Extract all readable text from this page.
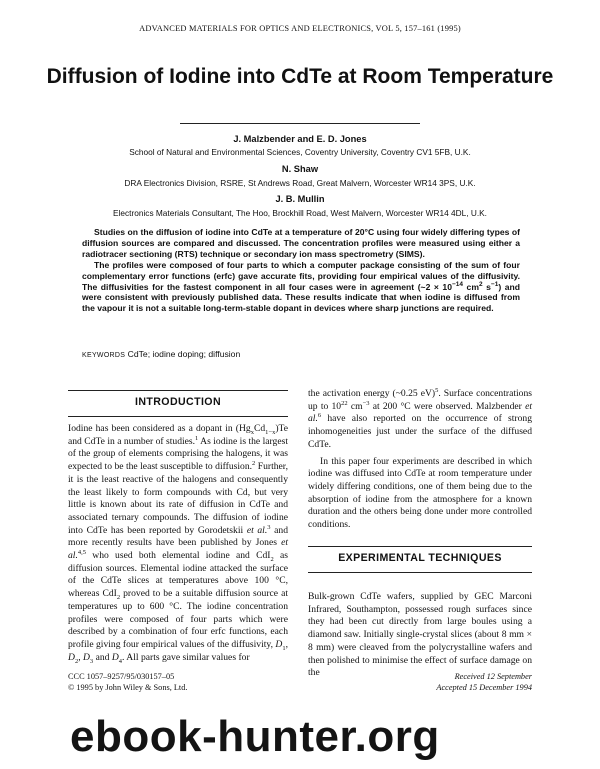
ADVANCED MATERIALS FOR OPTICS AND ELECTRONICS, VOL 5, 157–161 (1995)
Diffusion of Iodine into CdTe at Room Temperature
J. Malzbender and E. D. Jones
School of Natural and Environmental Sciences, Coventry University, Coventry CV1 5FB, U.K.
N. Shaw
DRA Electronics Division, RSRE, St Andrews Road, Great Malvern, Worcester WR14 3PS, U.K.
J. B. Mullin
Electronics Materials Consultant, The Hoo, Brockhill Road, West Malvern, Worcester WR14 4DL, U.K.

Studies on the diffusion of iodine into CdTe at a temperature of 20°C using four widely differing types of diffusion sources are compared and discussed. The concentration profiles were measured using either a radiotracer sectioning (RTS) technique or secondary ion mass spectrometry (SIMS).

The profiles were composed of four parts to which a computer package consisting of the sum of four complementary error functions (erfc) gave accurate fits, providing four empirical values of the diffusivity. The diffusivities for the fastest component in all four cases were in agreement (~2 × $10^{-14}$ $cm^2$ $s^{-1}$) and were consistent with previously published data. These results indicate that when iodine is diffused from the vapour it is not a suitable long-term-stable dopant in devices where sharp junctions are required.

KEYWORDS CdTe; iodine doping; diffusion
INTRODUCTION

Iodine has been considered as a dopant in $(Hg_xCd_{1-x})Te$ and CdTe in a number of studies.$^1$ As iodine is the largest of the group of elements comprising the halogens, it was expected to be the least susceptible to diffusion.$^2$ Further, it is the least reactive of the halogens and consequently the least likely to form compounds with Cd, but very little is known about its rate of diffusion in CdTe and associated ternary compounds. The diffusion of iodine into CdTe has been reported by Gorodetskii et al.$^3$ and more recently results have been published by Jones et al.$^{4,5}$ who used both elemental iodine and CdI$_2$ as diffusion sources. Elemental iodine attacked the surface of the CdTe slices at temperatures above 100 °C, whereas CdI$_2$ proved to be a suitable diffusion source at temperatures up to 600 °C. The iodine concentration profiles were composed of four parts which were described by a combination of four erfc functions, each profile giving four empirical values of the diffusivity, $D_1$, $D_2$, $D_3$ and $D_4$. All parts gave similar values for

the activation energy (~0.25 eV)$^5$. Surface concentrations up to $10^{22}$ $cm^{-3}$ at 200 °C were observed. Malzbender et al.$^6$ have also reported on the occurrence of strong inhomogeneities just under the surface of the diffused CdTe.

In this paper four experiments are described in which iodine was diffused into CdTe at room temperature under widely differing conditions, one of them being due to the absorption of iodine from the atmosphere for a known duration and the others being done under more controlled conditions.

EXPERIMENTAL TECHNIQUES

Bulk-grown CdTe wafers, supplied by GEC Marconi Infrared, Southampton, possessed rough surfaces since they had been cut directly from large boules using a diamond saw. Initially single-crystal slices (about 8 mm × 8 mm) were cleaved from the polycrystalline wafers and then polished to minimise the effect of surface damage on the

CCC 1057–9257/95/030157–05
© 1995 by John Wiley & Sons, Ltd.
Received 12 September
Accepted 15 December 1994
ebook-hunter.org
